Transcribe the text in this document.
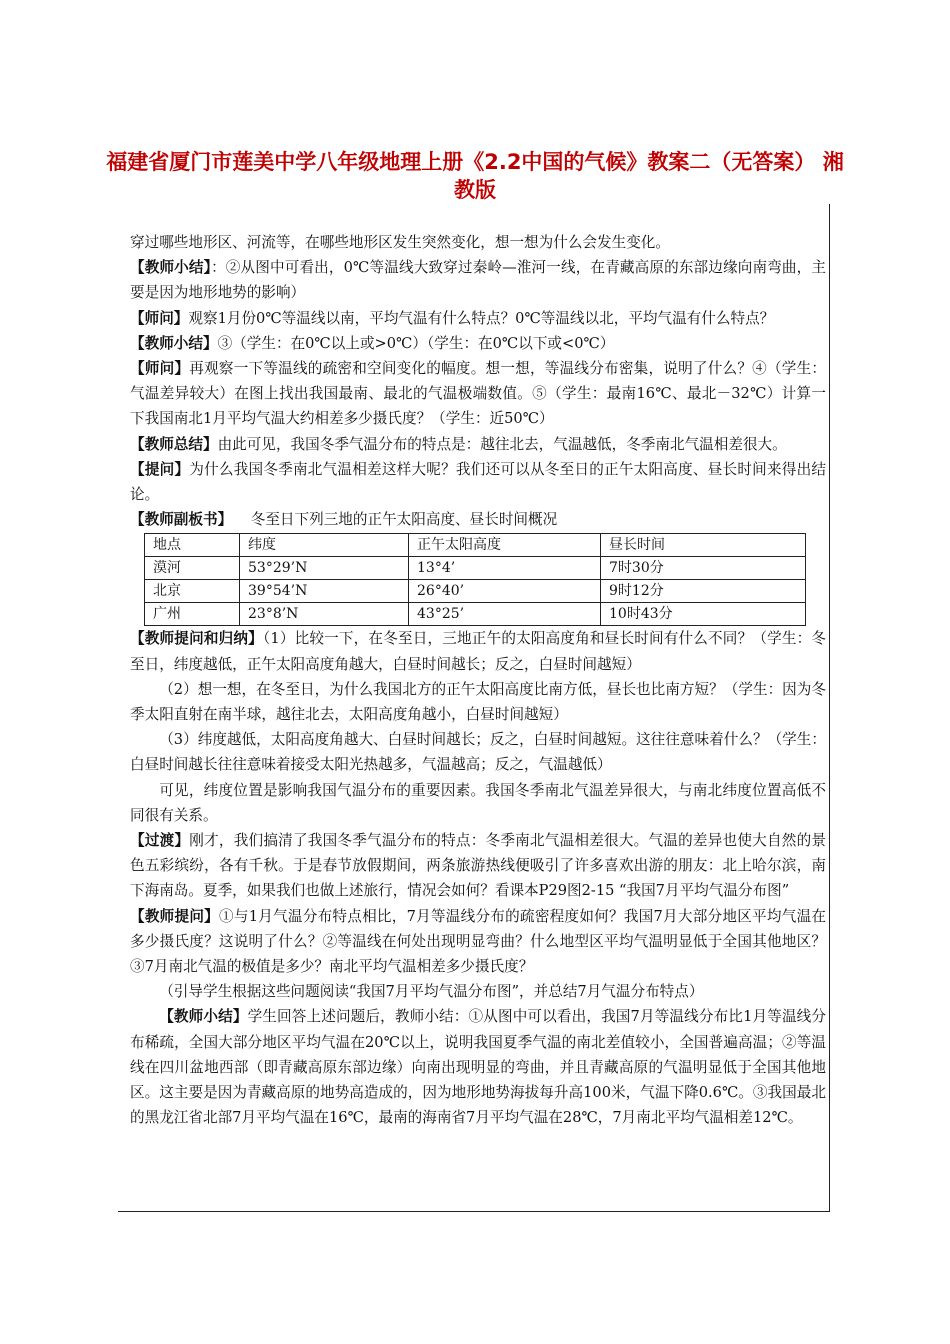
福建省厦门市莲美中学八年级地理上册《2.2中国的气候》教案二（无答案） 湘教版

穿过哪些地形区、河流等，在哪些地形区发生突然变化，想一想为什么会发生变化。

【教师小结】：②从图中可看出，0℃等温线大致穿过秦岭—淮河一线，在青藏高原的东部边缘向南弯曲，主要是因为地形地势的影响）

【师问】观察1月份0℃等温线以南，平均气温有什么特点？0℃等温线以北，平均气温有什么特点？

【教师小结】③（学生：在0℃以上或>0℃）（学生：在0℃以下或<0℃）

【师问】再观察一下等温线的疏密和空间变化的幅度。想一想，等温线分布密集，说明了什么？④（学生：气温差异较大）在图上找出我国最南、最北的气温极端数值。⑤（学生：最南16℃、最北－32℃）计算一下我国南北1月平均气温大约相差多少摄氏度？（学生：近50℃）

【教师总结】由此可见，我国冬季气温分布的特点是：越往北去，气温越低，冬季南北气温相差很大。

【提问】为什么我国冬季南北气温相差这样大呢？我们还可以从冬至日的正午太阳高度、昼长时间来得出结论。

【教师副板书】 冬至日下列三地的正午太阳高度、昼长时间概况

地点	纬度	正午太阳高度	昼长时间
漠河	53°29’N	13°4’	7时30分
北京	39°54’N	26°40’	9时12分
广州	23°8’N	43°25’	10时43分

【教师提问和归纳】（1）比较一下，在冬至日，三地正午的太阳高度角和昼长时间有什么不同？（学生：冬至日，纬度越低，正午太阳高度角越大，白昼时间越长；反之，白昼时间越短）

（2）想一想，在冬至日，为什么我国北方的正午太阳高度比南方低，昼长也比南方短？（学生：因为冬季太阳直射在南半球，越往北去，太阳高度角越小，白昼时间越短）

（3）纬度越低，太阳高度角越大、白昼时间越长；反之，白昼时间越短。这往往意味着什么？（学生：白昼时间越长往往意味着接受太阳光热越多，气温越高；反之，气温越低）

可见，纬度位置是影响我国气温分布的重要因素。我国冬季南北气温差异很大，与南北纬度位置高低不同很有关系。

【过渡】刚才，我们搞清了我国冬季气温分布的特点：冬季南北气温相差很大。气温的差异也使大自然的景色五彩缤纷，各有千秋。于是春节放假期间，两条旅游热线便吸引了许多喜欢出游的朋友：北上哈尔滨，南下海南岛。夏季，如果我们也做上述旅行，情况会如何？看课本P29图2-15 “我国7月平均气温分布图”

【教师提问】①与1月气温分布特点相比，7月等温线分布的疏密程度如何？我国7月大部分地区平均气温在多少摄氏度？这说明了什么？②等温线在何处出现明显弯曲？什么地型区平均气温明显低于全国其他地区？③7月南北气温的极值是多少？南北平均气温相差多少摄氏度？

（引导学生根据这些问题阅读“我国7月平均气温分布图”，并总结7月气温分布特点）

【教师小结】学生回答上述问题后，教师小结：①从图中可以看出，我国7月等温线分布比1月等温线分布稀疏，全国大部分地区平均气温在20℃以上，说明我国夏季气温的南北差值较小，全国普遍高温；②等温线在四川盆地西部（即青藏高原东部边缘）向南出现明显的弯曲，并且青藏高原的气温明显低于全国其他地区。这主要是因为青藏高原的地势高造成的，因为地形地势海拔每升高100米，气温下降0.6℃。③我国最北的黑龙江省北部7月平均气温在16℃，最南的海南省7月平均气温在28℃，7月南北平均气温相差12℃。
